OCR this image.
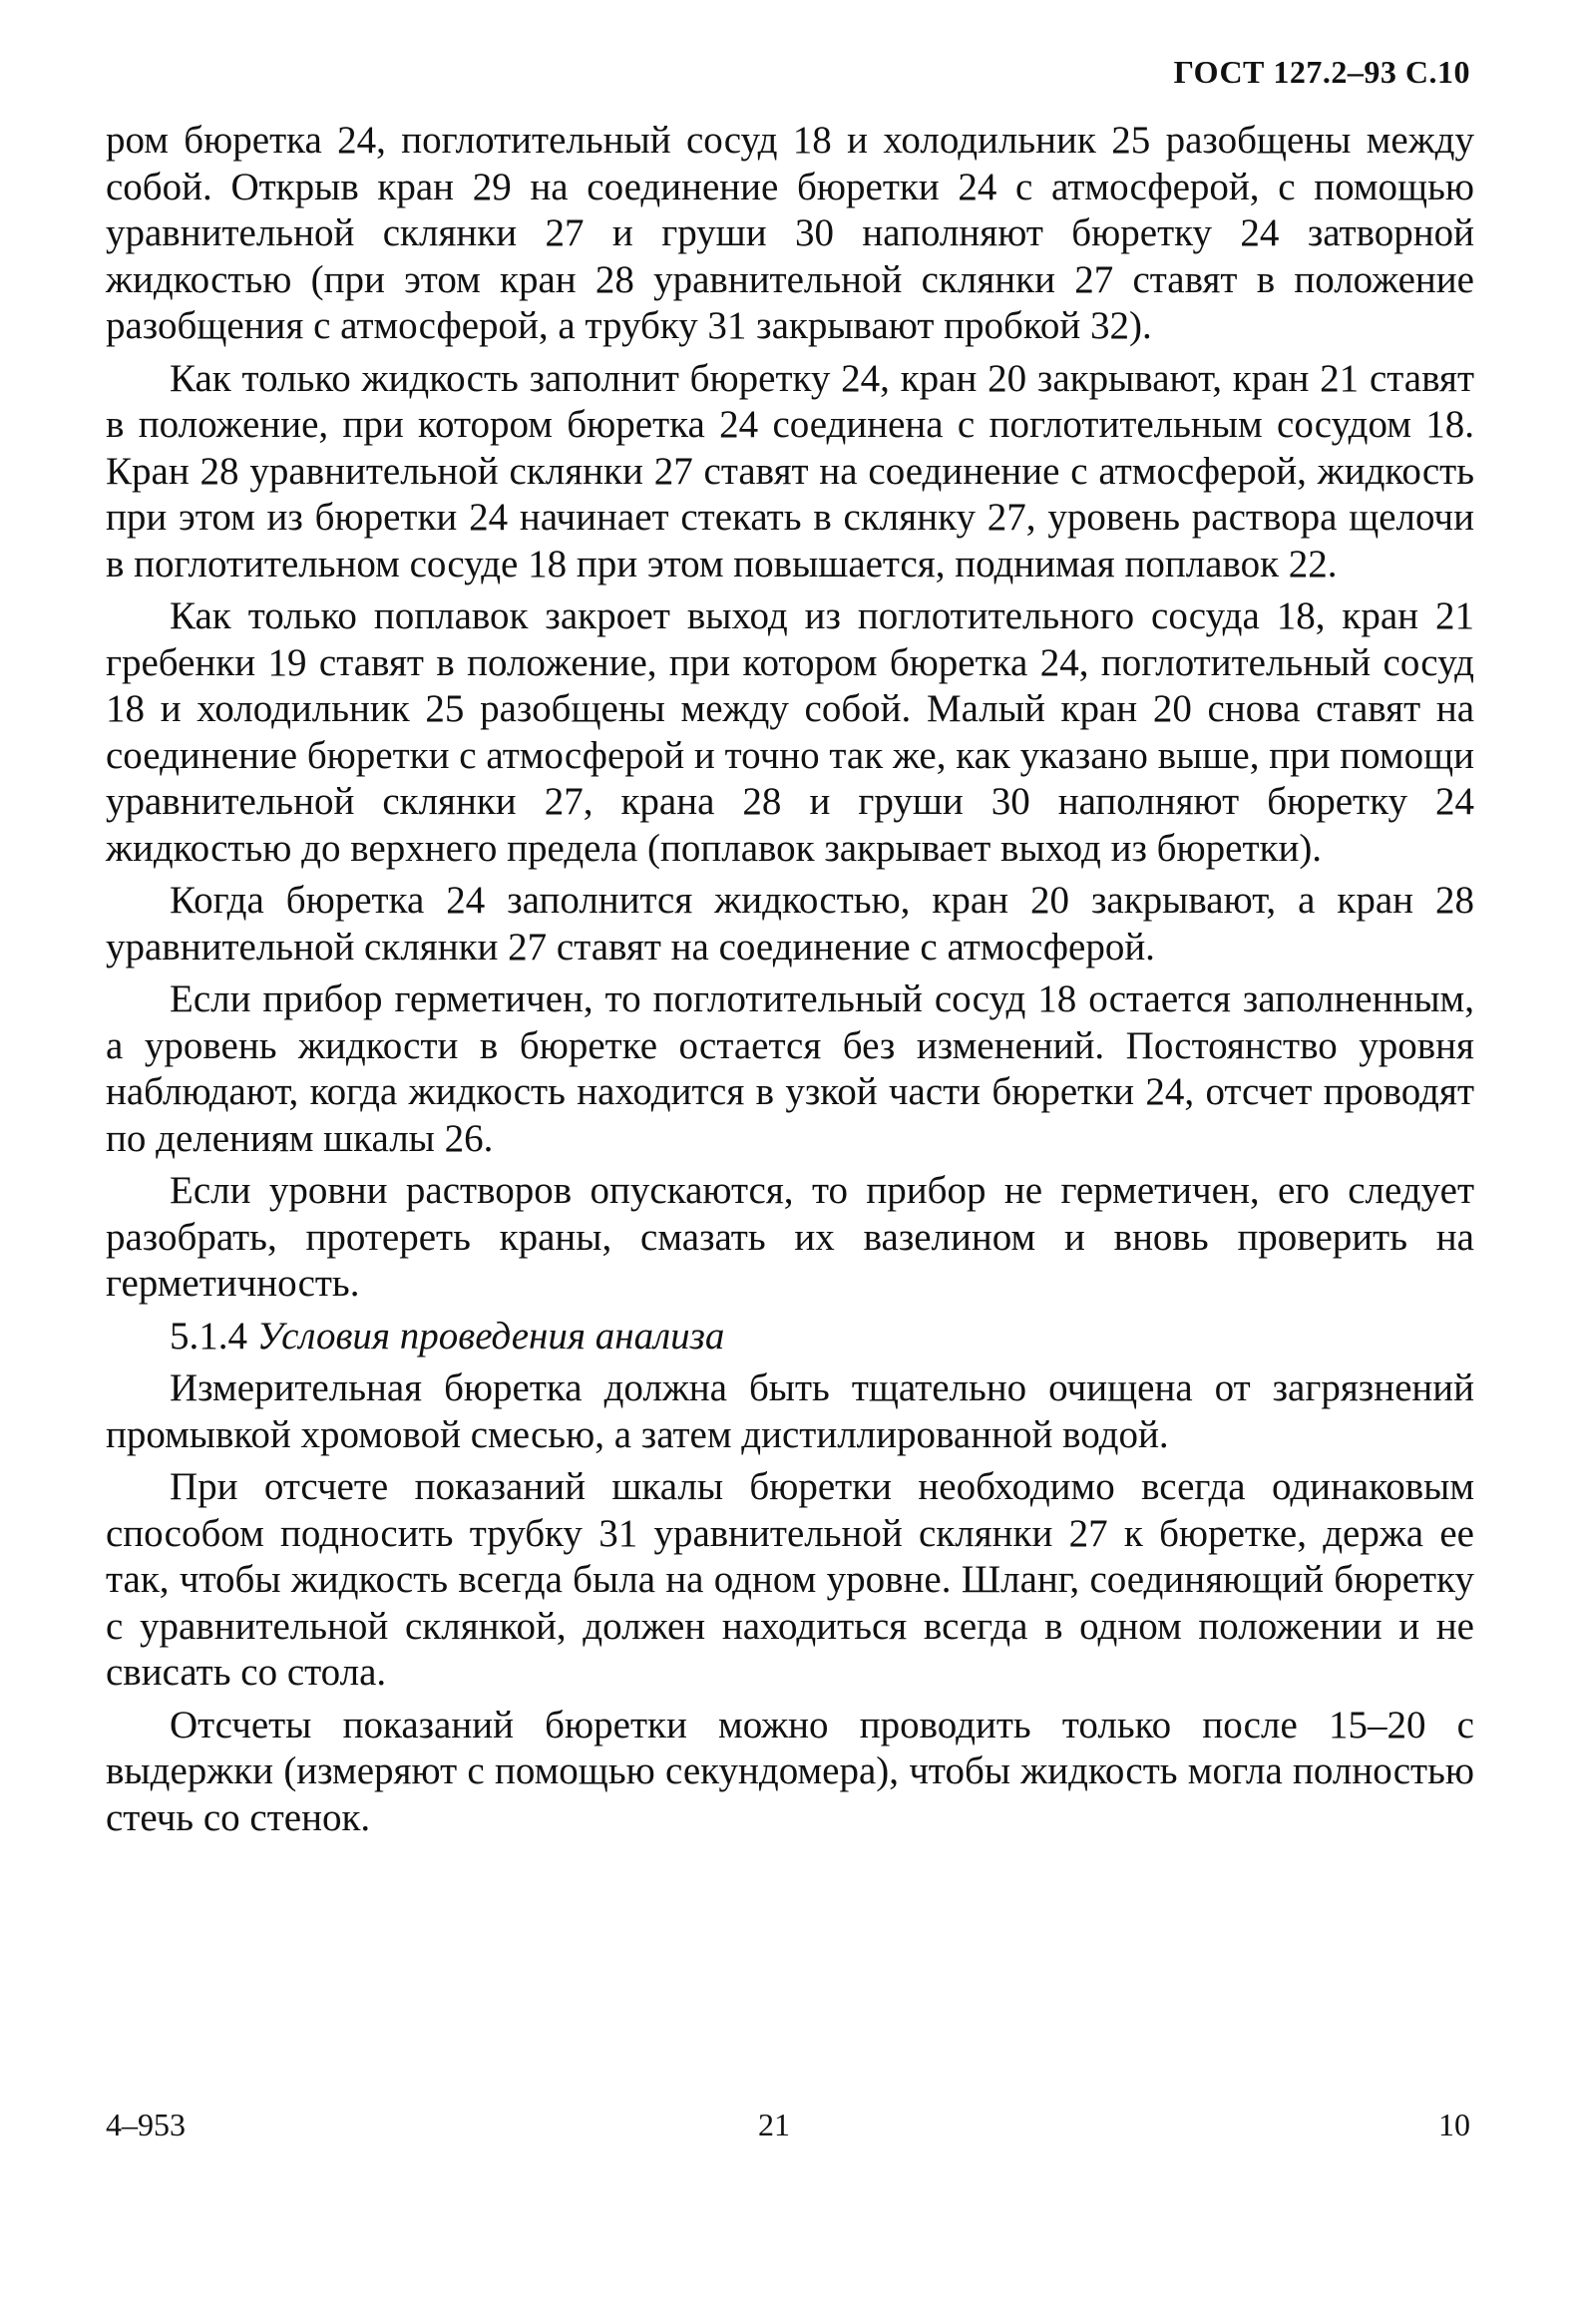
ГОСТ 127.2–93 С.10

ром бюретка 24, поглотительный сосуд 18 и холодильник 25 разобщены между собой. Открыв кран 29 на соединение бюретки 24 с атмосферой, с помощью уравнительной склянки 27 и груши 30 наполняют бюретку 24 затворной жидкостью (при этом кран 28 уравнительной склянки 27 ставят в положение разобщения с атмосферой, а трубку 31 закрывают пробкой 32).

Как только жидкость заполнит бюретку 24, кран 20 закрывают, кран 21 ставят в положение, при котором бюретка 24 соединена с поглотительным сосудом 18. Кран 28 уравнительной склянки 27 ставят на соединение с атмосферой, жидкость при этом из бюретки 24 начинает стекать в склянку 27, уровень раствора щелочи в поглотительном сосуде 18 при этом повышается, поднимая поплавок 22.

Как только поплавок закроет выход из поглотительного сосуда 18, кран 21 гребенки 19 ставят в положение, при котором бюретка 24, поглотительный сосуд 18 и холодильник 25 разобщены между собой. Малый кран 20 снова ставят на соединение бюретки с атмосферой и точно так же, как указано выше, при помощи уравнительной склянки 27, крана 28 и груши 30 наполняют бюретку 24 жидкостью до верхнего предела (поплавок закрывает выход из бюретки).

Когда бюретка 24 заполнится жидкостью, кран 20 закрывают, а кран 28 уравнительной склянки 27 ставят на соединение с атмосферой.

Если прибор герметичен, то поглотительный сосуд 18 остается заполненным, а уровень жидкости в бюретке остается без изменений. Постоянство уровня наблюдают, когда жидкость находится в узкой части бюретки 24, отсчет проводят по делениям шкалы 26.

Если уровни растворов опускаются, то прибор не герметичен, его следует разобрать, протереть краны, смазать их вазелином и вновь проверить на герметичность.

5.1.4 Условия проведения анализа

Измерительная бюретка должна быть тщательно очищена от загрязнений промывкой хромовой смесью, а затем дистиллированной водой.

При отсчете показаний шкалы бюретки необходимо всегда одинаковым способом подносить трубку 31 уравнительной склянки 27 к бюретке, держа ее так, чтобы жидкость всегда была на одном уровне. Шланг, соединяющий бюретку с уравнительной склянкой, должен находиться всегда в одном положении и не свисать со стола.

Отсчеты показаний бюретки можно проводить только после 15–20 с выдержки (измеряют с помощью секундомера), чтобы жидкость могла полностью стечь со стенок.

4–953	21	10
